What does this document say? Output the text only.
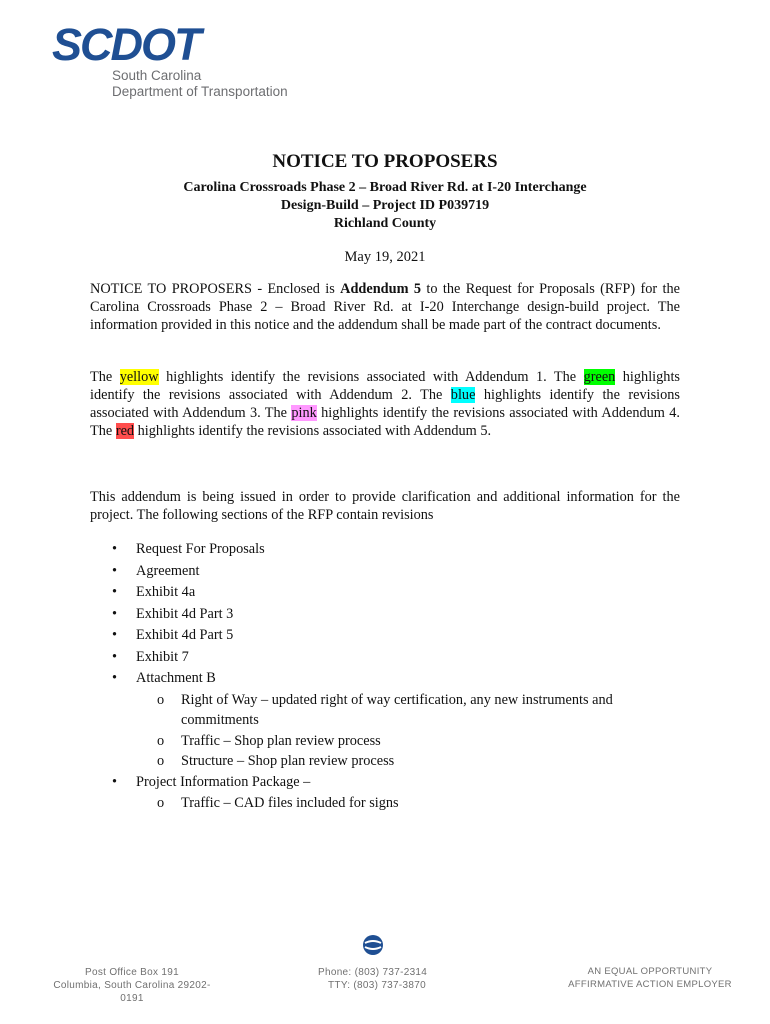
SCDOT
South Carolina
Department of Transportation
NOTICE TO PROPOSERS
Carolina Crossroads Phase 2 – Broad River Rd. at I-20 Interchange
Design-Build – Project ID P039719
Richland County
May 19, 2021

NOTICE TO PROPOSERS - Enclosed is Addendum 5 to the Request for Proposals (RFP) for the Carolina Crossroads Phase 2 – Broad River Rd. at I-20 Interchange design-build project. The information provided in this notice and the addendum shall be made part of the contract documents.

The yellow highlights identify the revisions associated with Addendum 1. The green highlights identify the revisions associated with Addendum 2. The blue highlights identify the revisions associated with Addendum 3. The pink highlights identify the revisions associated with Addendum 4. The red highlights identify the revisions associated with Addendum 5.

This addendum is being issued in order to provide clarification and additional information for the project. The following sections of the RFP contain revisions

• Request For Proposals
• Agreement
• Exhibit 4a
• Exhibit 4d Part 3
• Exhibit 4d Part 5
• Exhibit 7
• Attachment B
o Right of Way – updated right of way certification, any new instruments and commitments
o Traffic – Shop plan review process
o Structure – Shop plan review process
• Project Information Package –
o Traffic – CAD files included for signs
Post Office Box 191
Columbia, South Carolina 29202-0191
Phone: (803) 737-2314
TTY: (803) 737-3870
AN EQUAL OPPORTUNITY
AFFIRMATIVE ACTION EMPLOYER
